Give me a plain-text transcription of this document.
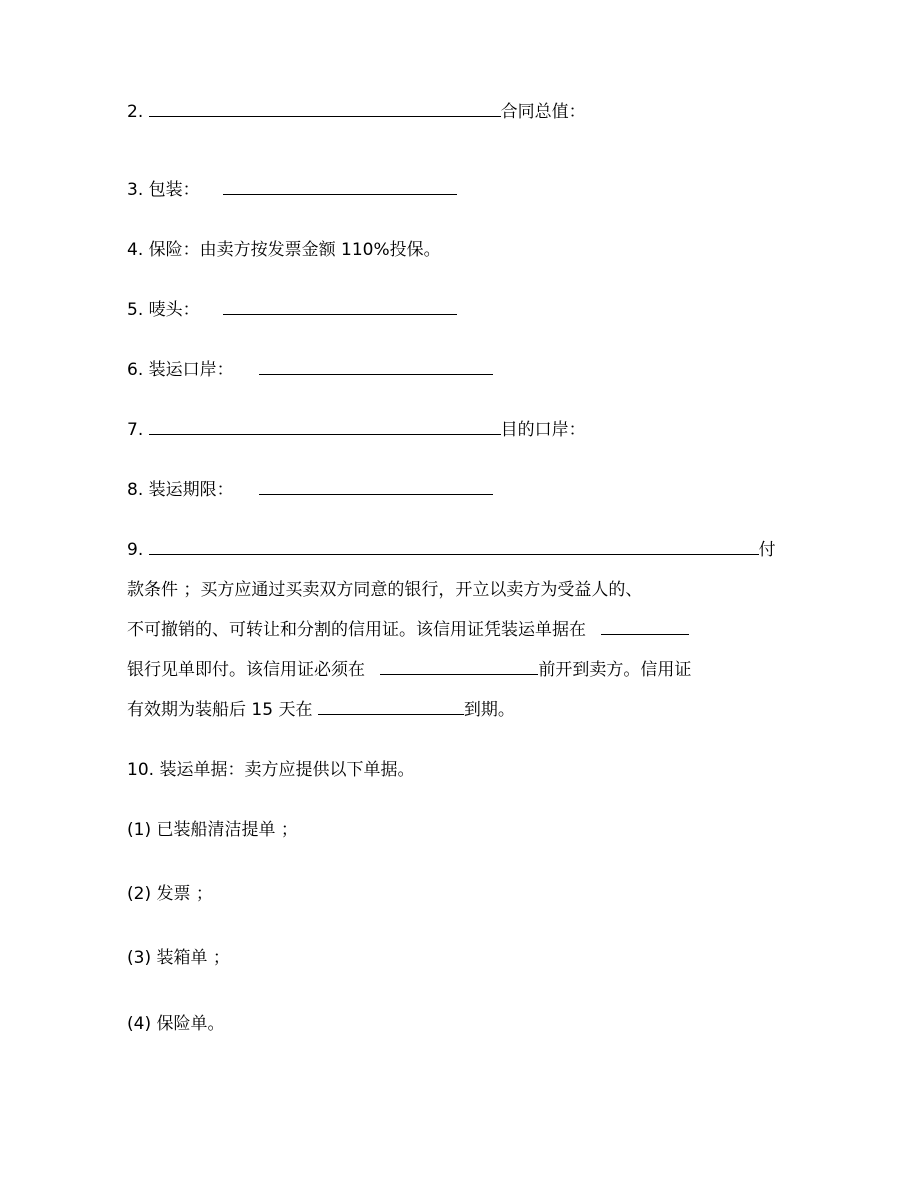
2.	合同总值：
3. 包装：
4. 保险：由卖方按发票金额 110%投保。
5. 唛头：
6. 装运口岸：
7.	目的口岸：
8. 装运期限：
9.	付
款条件 ；买方应通过买卖双方同意的银行，开立以卖方为受益人的、
不可撤销的、可转让和分割的信用证。该信用证凭装运单据在
银行见单即付。该信用证必须在	前开到卖方。信用证
有效期为装船后 15 天在	到期。
10. 装运单据：卖方应提供以下单据。
(1) 已装船清洁提单 ；
(2) 发票 ；
(3) 装箱单 ；
(4) 保险单。
